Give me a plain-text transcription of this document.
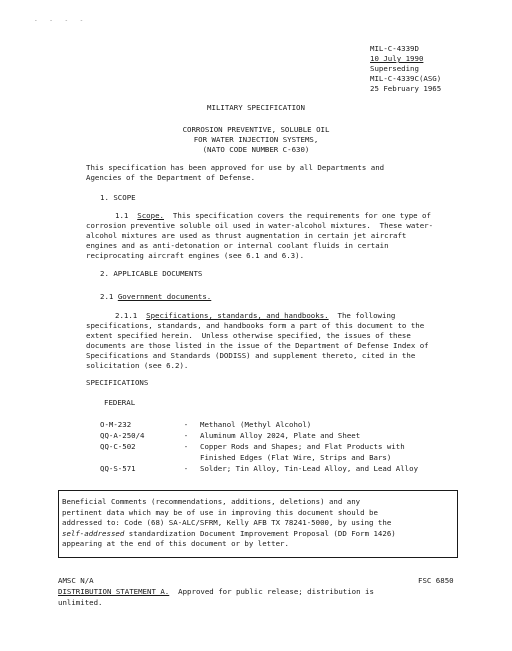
- - - -
MIL-C-4339D
10 July 1990
Superseding
MIL-C-4339C(ASG)
25 February 1965
MILITARY SPECIFICATION
CORROSION PREVENTIVE, SOLUBLE OIL
FOR WATER INJECTION SYSTEMS,
(NATO CODE NUMBER C-630)
This specification has been approved for use by all Departments and
Agencies of the Department of Defense.
1. SCOPE
1.1 Scope.  This specification covers the requirements for one type of
corrosion preventive soluble oil used in water-alcohol mixtures.  These water-
alcohol mixtures are used as thrust augmentation in certain jet aircraft
engines and as anti-detonation or internal coolant fluids in certain
reciprocating aircraft engines (see 6.1 and 6.3).
2. APPLICABLE DOCUMENTS
2.1 Government documents.
2.1.1 Specifications, standards, and handbooks.  The following
specifications, standards, and handbooks form a part of this document to the
extent specified herein.  Unless otherwise specified, the issues of these
documents are those listed in the issue of the Department of Defense Index of
Specifications and Standards (DODISS) and supplement thereto, cited in the
solicitation (see 6.2).
SPECIFICATIONS
FEDERAL
O-M-232	-	Methanol (Methyl Alcohol)
QQ-A-250/4	-	Aluminum Alloy 2024, Plate and Sheet
QQ-C-502	-	Copper Rods and Shapes; and Flat Products with
Finished Edges (Flat Wire, Strips and Bars)
QQ-S-571	-	Solder; Tin Alloy, Tin-Lead Alloy, and Lead Alloy

Beneficial Comments (recommendations, additions, deletions) and any

pertinent data which may be of use in improving this document should be

addressed to: Code (68) SA-ALC/SFRM, Kelly AFB TX 78241-5000, by using the

self-addressed standardization Document Improvement Proposal (DD Form 1426)

appearing at the end of this document or by letter.

AMSC N/A	FSC 6850
DISTRIBUTION STATEMENT A.  Approved for public release; distribution is
unlimited.
